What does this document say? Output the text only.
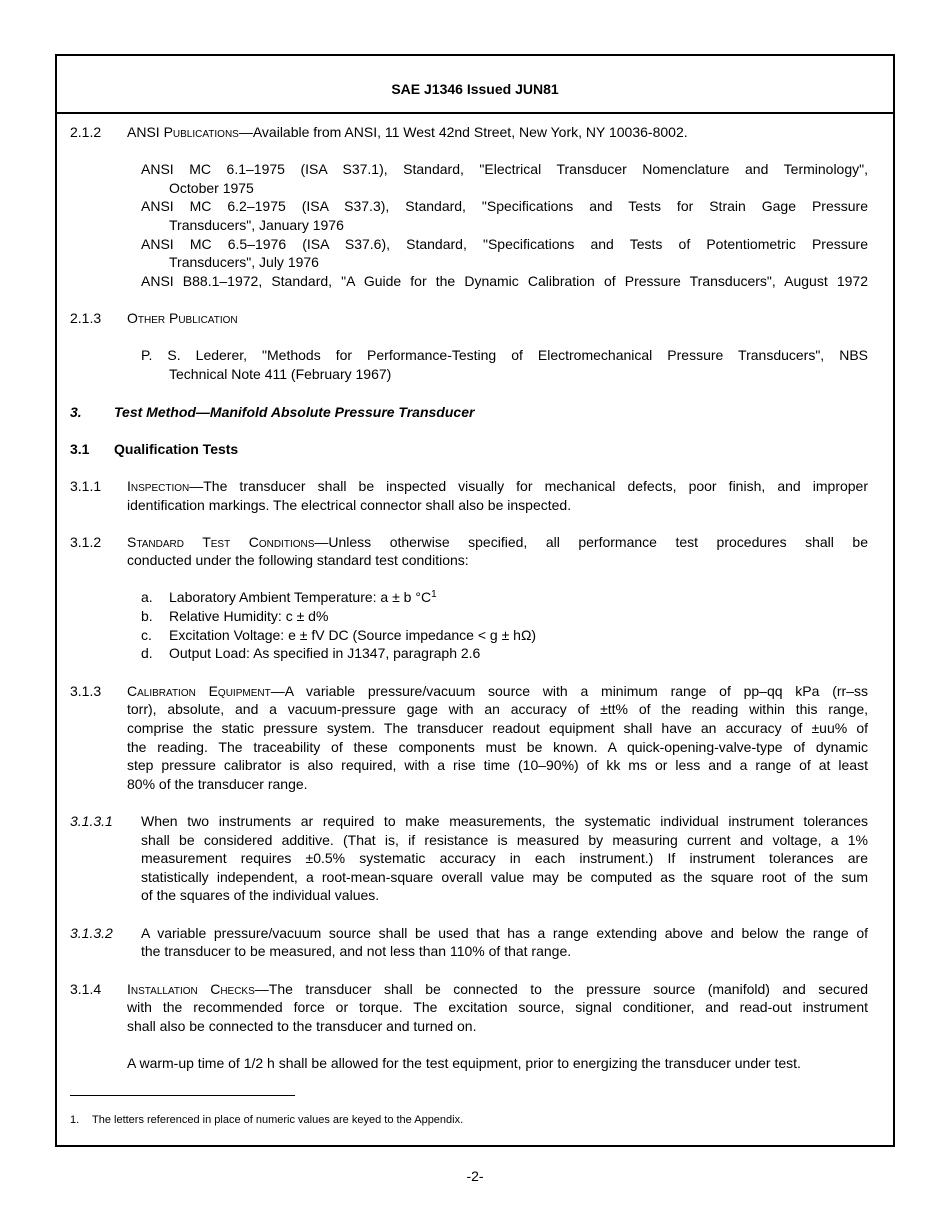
SAE J1346 Issued JUN81
2.1.2 ANSI Publications—Available from ANSI, 11 West 42nd Street, New York, NY 10036-8002.
ANSI MC 6.1–1975 (ISA S37.1), Standard, "Electrical Transducer Nomenclature and Terminology",
October 1975
ANSI MC 6.2–1975 (ISA S37.3), Standard, "Specifications and Tests for Strain Gage Pressure
Transducers", January 1976
ANSI MC 6.5–1976 (ISA S37.6), Standard, "Specifications and Tests of Potentiometric Pressure
Transducers", July 1976
ANSI B88.1–1972, Standard, "A Guide for the Dynamic Calibration of Pressure Transducers", August 1972
2.1.3 Other Publication
P. S. Lederer, "Methods for Performance-Testing of Electromechanical Pressure Transducers", NBS
Technical Note 411 (February 1967)
3. Test Method—Manifold Absolute Pressure Transducer
3.1 Qualification Tests
3.1.1 Inspection—The transducer shall be inspected visually for mechanical defects, poor finish, and improper
identification markings. The electrical connector shall also be inspected.
3.1.2 Standard Test Conditions—Unless otherwise specified, all performance test procedures shall be
conducted under the following standard test conditions:
a. Laboratory Ambient Temperature: a ± b $^\circ C^1$
b. Relative Humidity: c ± d%
c. Excitation Voltage: e ± fV DC (Source impedance < g ± hΩ)
d. Output Load: As specified in J1347, paragraph 2.6
3.1.3 Calibration Equipment—A variable pressure/vacuum source with a minimum range of pp–qq kPa (rr–ss
torr), absolute, and a vacuum-pressure gage with an accuracy of ±tt% of the reading within this range,
comprise the static pressure system. The transducer readout equipment shall have an accuracy of ±uu% of
the reading. The traceability of these components must be known. A quick-opening-valve-type of dynamic
step pressure calibrator is also required, with a rise time (10–90%) of kk ms or less and a range of at least
80% of the transducer range.
3.1.3.1 When two instruments ar required to make measurements, the systematic individual instrument tolerances
shall be considered additive. (That is, if resistance is measured by measuring current and voltage, a 1%
measurement requires ±0.5% systematic accuracy in each instrument.) If instrument tolerances are
statistically independent, a root-mean-square overall value may be computed as the square root of the sum
of the squares of the individual values.
3.1.3.2 A variable pressure/vacuum source shall be used that has a range extending above and below the range of
the transducer to be measured, and not less than 110% of that range.
3.1.4 Installation Checks—The transducer shall be connected to the pressure source (manifold) and secured
with the recommended force or torque. The excitation source, signal conditioner, and read-out instrument
shall also be connected to the transducer and turned on.
A warm-up time of 1/2 h shall be allowed for the test equipment, prior to energizing the transducer under test.
1. The letters referenced in place of numeric values are keyed to the Appendix.
-2-
